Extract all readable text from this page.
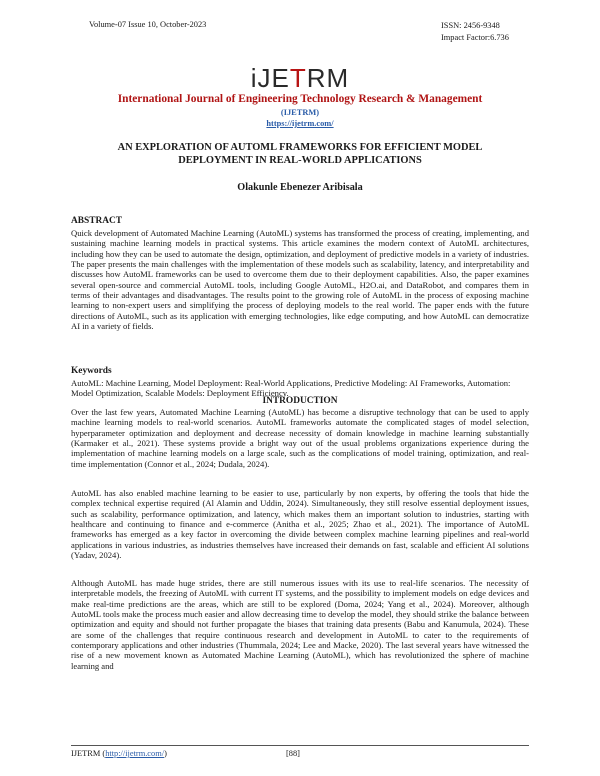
Volume-07 Issue 10, October-2023	ISSN: 2456-9348
Impact Factor:6.736
iJETRM
International Journal of Engineering Technology Research & Management
(IJETRM)
https://ijetrm.com/
AN EXPLORATION OF AUTOML FRAMEWORKS FOR EFFICIENT MODEL
DEPLOYMENT IN REAL-WORLD APPLICATIONS
Olakunle Ebenezer Aribisala
ABSTRACT
Quick development of Automated Machine Learning (AutoML) systems has transformed the process of creating, implementing, and sustaining machine learning models in practical systems. This article examines the modern context of AutoML architectures, including how they can be used to automate the design, optimization, and deployment of predictive models in a variety of industries. The paper presents the main challenges with the implementation of these models such as scalability, latency, and interpretability and discusses how AutoML frameworks can be used to overcome them due to their deployment capabilities. Also, the paper examines several open-source and commercial AutoML tools, including Google AutoML, H2O.ai, and DataRobot, and compares them in terms of their advantages and disadvantages. The results point to the growing role of AutoML in the process of exposing machine learning to non-expert users and simplifying the process of deploying models to the real world. The paper ends with the future directions of AutoML, such as its application with emerging technologies, like edge computing, and how AutoML can democratize AI in a variety of fields.
Keywords
AutoML: Machine Learning, Model Deployment: Real-World Applications, Predictive Modeling: AI Frameworks, Automation: Model Optimization, Scalable Models: Deployment Efficiency.
INTRODUCTION
Over the last few years, Automated Machine Learning (AutoML) has become a disruptive technology that can be used to apply machine learning models to real-world scenarios. AutoML frameworks automate the complicated stages of model selection, hyperparameter optimization and deployment and decrease necessity of domain knowledge in machine learning substantially (Karmaker et al., 2021). These systems provide a bright way out of the usual problems organizations experience during the implementation of machine learning models on a large scale, such as the complications of model training, optimization, and real-time implementation (Connor et al., 2024; Dudala, 2024).
AutoML has also enabled machine learning to be easier to use, particularly by non experts, by offering the tools that hide the complex technical expertise required (Al Alamin and Uddin, 2024). Simultaneously, they still resolve essential deployment issues, such as scalability, performance optimization, and latency, which makes them an important solution to industries, starting with healthcare and continuing to finance and e-commerce (Anitha et al., 2025; Zhao et al., 2021). The importance of AutoML frameworks has emerged as a key factor in overcoming the divide between complex machine learning pipelines and real-world applications in various industries, as industries themselves have increased their demands on fast, scalable and efficient AI solutions (Yadav, 2024).
Although AutoML has made huge strides, there are still numerous issues with its use to real-life scenarios. The necessity of interpretable models, the freezing of AutoML with current IT systems, and the possibility to implement models on edge devices and make real-time predictions are the areas, which are still to be explored (Doma, 2024; Yang et al., 2024). Moreover, although AutoML tools make the process much easier and allow decreasing time to develop the model, they should strike the balance between optimization and equity and should not further propagate the biases that training data presents (Babu and Kanumula, 2024). These are some of the challenges that require continuous research and development in AutoML to cater to the requirements of contemporary applications and other industries (Thummala, 2024; Lee and Macke, 2020). The last several years have witnessed the rise of a new movement known as Automated Machine Learning (AutoML), which has revolutionized the sphere of machine learning and
IJETRM (http://ijetrm.com/)	[88]
